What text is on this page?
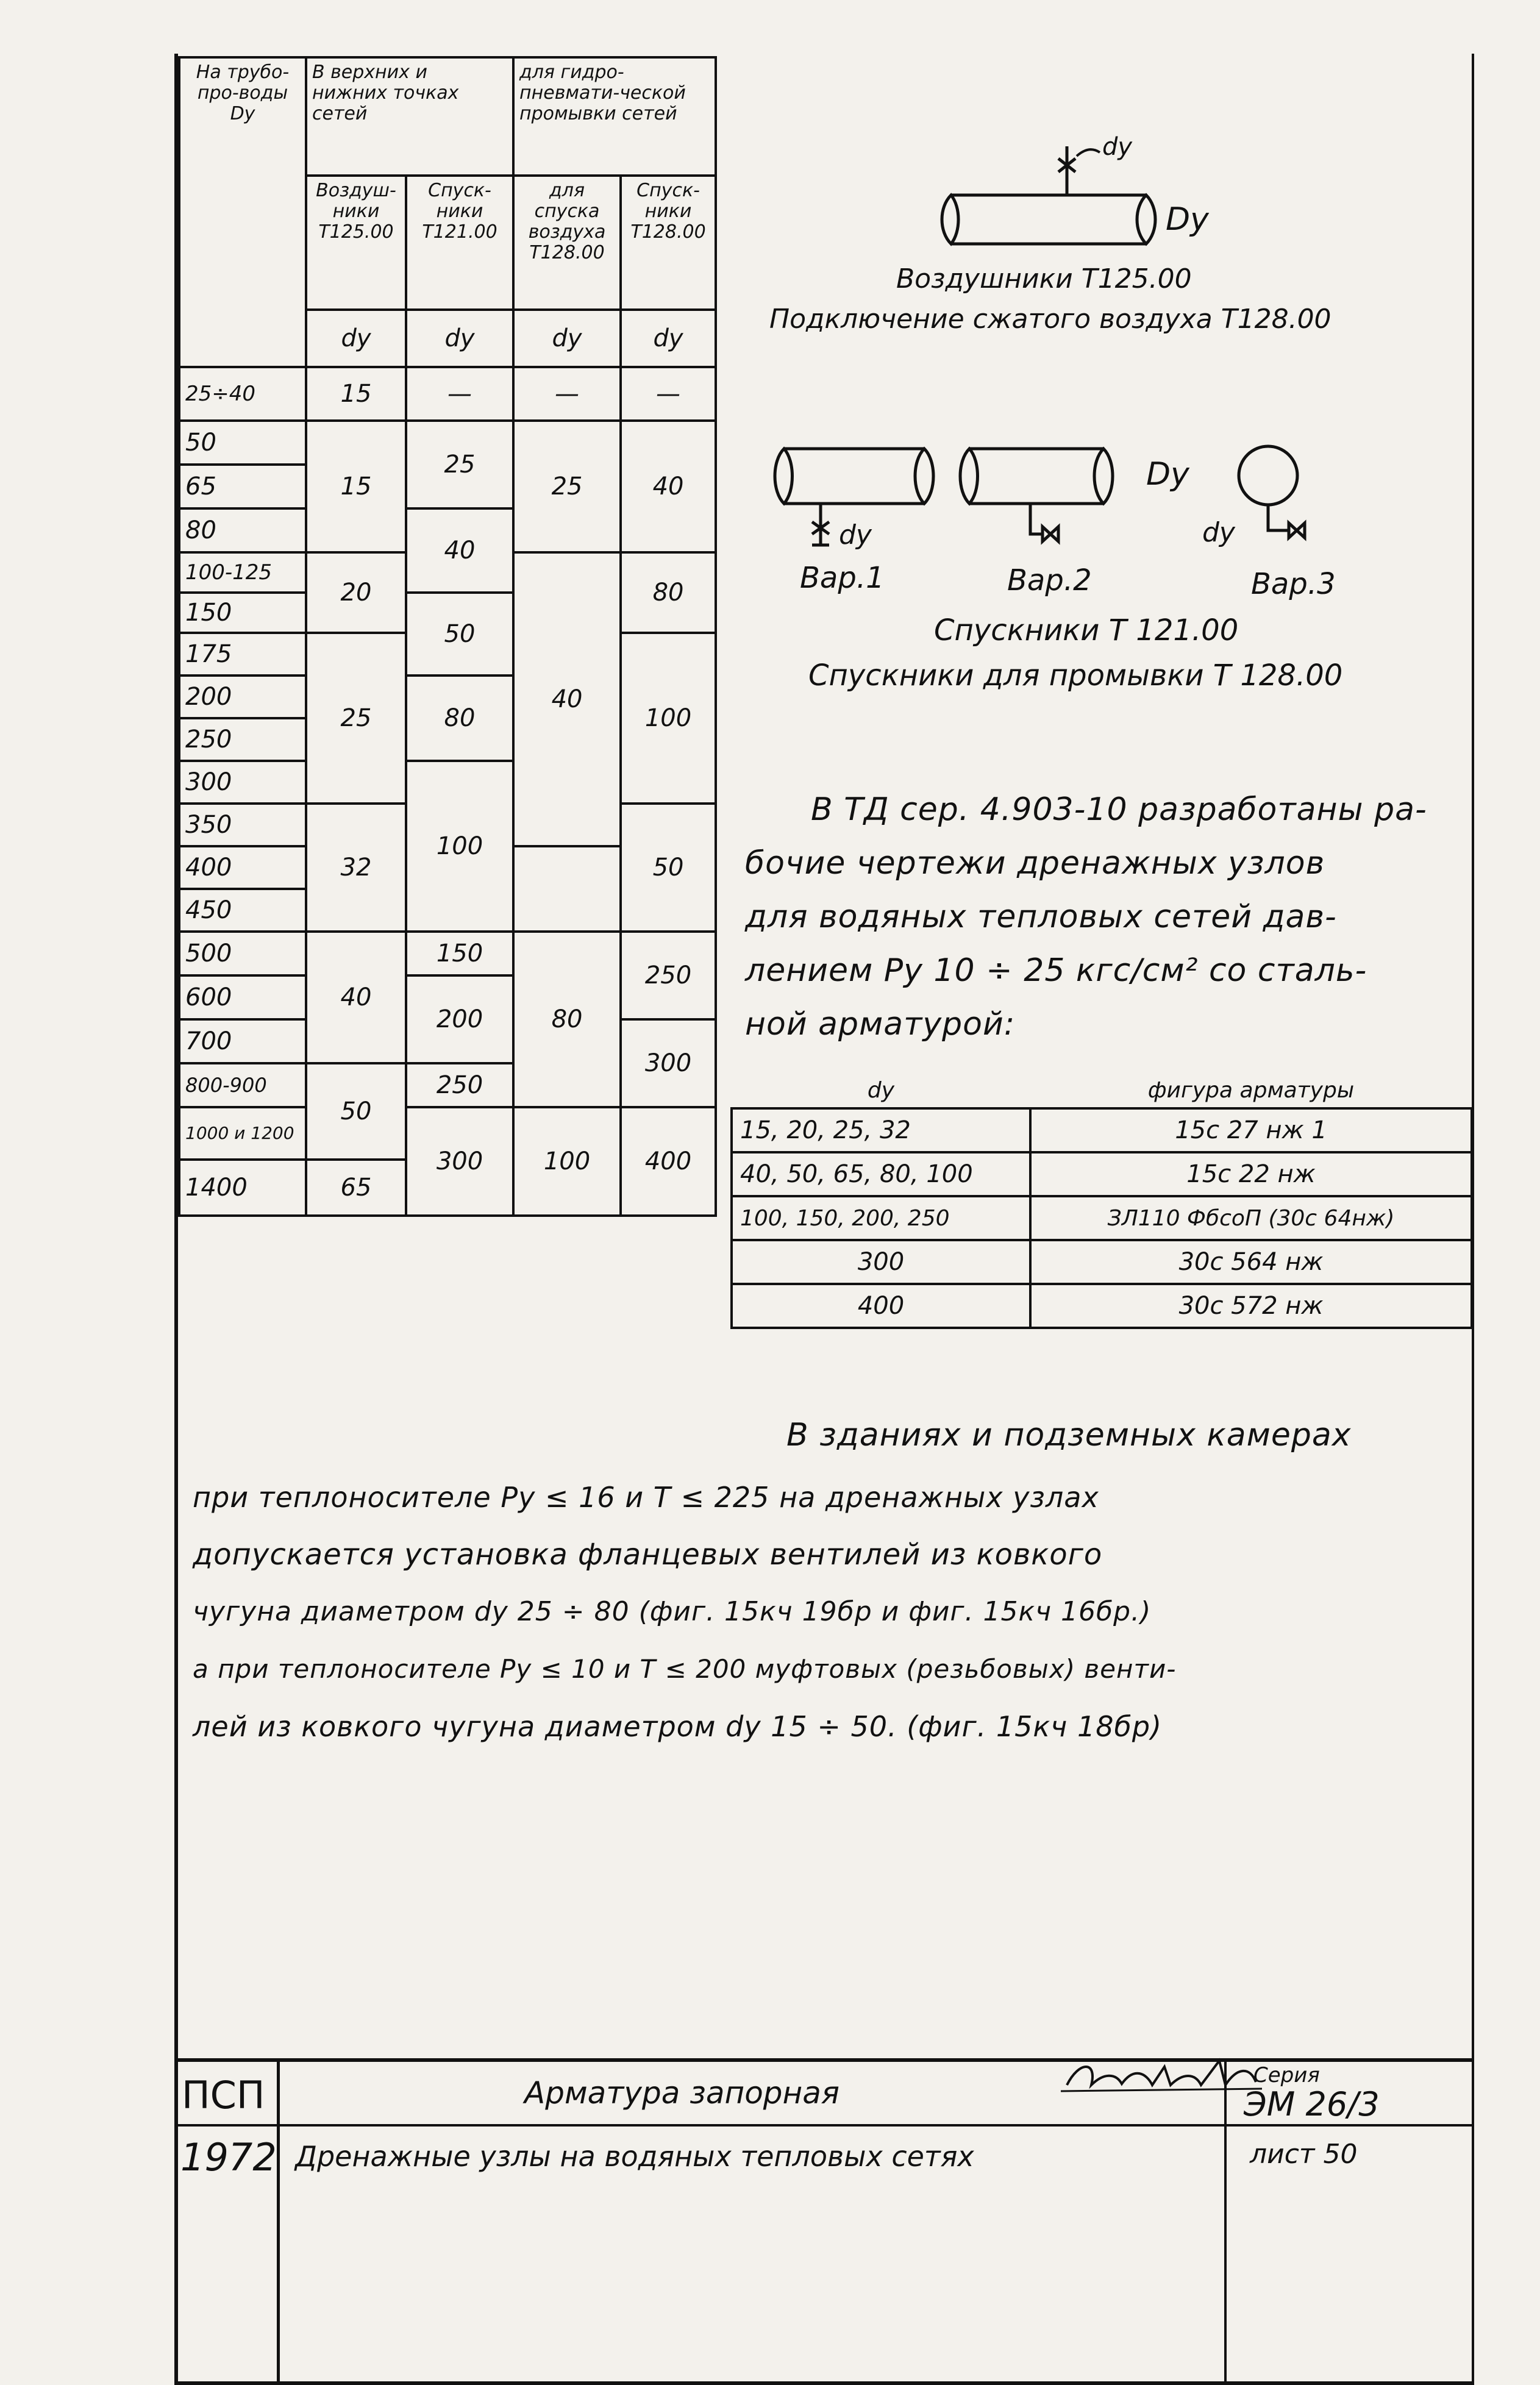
На трубо-про-воды Dу	В верхних и нижних точках сетей		для гидро-пневмати-ческой промывки сетей		
	Воздуш-ники Т125.00	Спуск-ники Т121.00	для спуска воздуха Т128.00	Спуск-ники Т128.00	
	dу	dу	dу	dу	
25÷40	15	—	—	—	
50	15	25	25	40	
65					
80		40			
100-125	20		40	80	
150		50			
175	25			100	
200		80			
250					
300		100			
350	32			50	
400					
450					
500	40	150	80	250	
600		200			
700				300	
800-900	50	250			
1000 и 1200		300	100	400	
1400	65				
dу
Dу
Воздушники Т125.00
Подключение сжатого воздуха Т128.00
dу
Dу
dу
Вар.1	Вар.2	Вар.3
Спускники Т 121.00
Спускники для промывки Т 128.00
В ТД сер. 4.903-10 разработаны ра-
бочие чертежи дренажных узлов
для водяных тепловых сетей дав-
лением Pу 10 ÷ 25 кгс/см² со сталь-
ной арматурой:
dу	фигура арматуры
15, 20, 25, 32	15с 27 нж 1
40, 50, 65, 80, 100	15с 22 нж
100, 150, 200, 250	ЗЛ110 ФбсоП (30с 64нж)
300	30с 564 нж
400	30с 572 нж
В зданиях и подземных камерах
при теплоносителе Pу ≤ 16 и T ≤ 225 на дренажных узлах
допускается установка фланцевых вентилей из ковкого
чугуна диаметром dу 25 ÷ 80 (фиг. 15кч 19бр и фиг. 15кч 16бр.)
а при теплоносителе Pу ≤ 10 и T ≤ 200 муфтовых (резьбовых) венти-
лей из ковкого чугуна диаметром dу 15 ÷ 50. (фиг. 15кч 18бр)
ПСП
1972
Арматура запорная
Дренажные узлы на водяных тепловых сетях
Серия
ЭМ 26/3
лист 50
